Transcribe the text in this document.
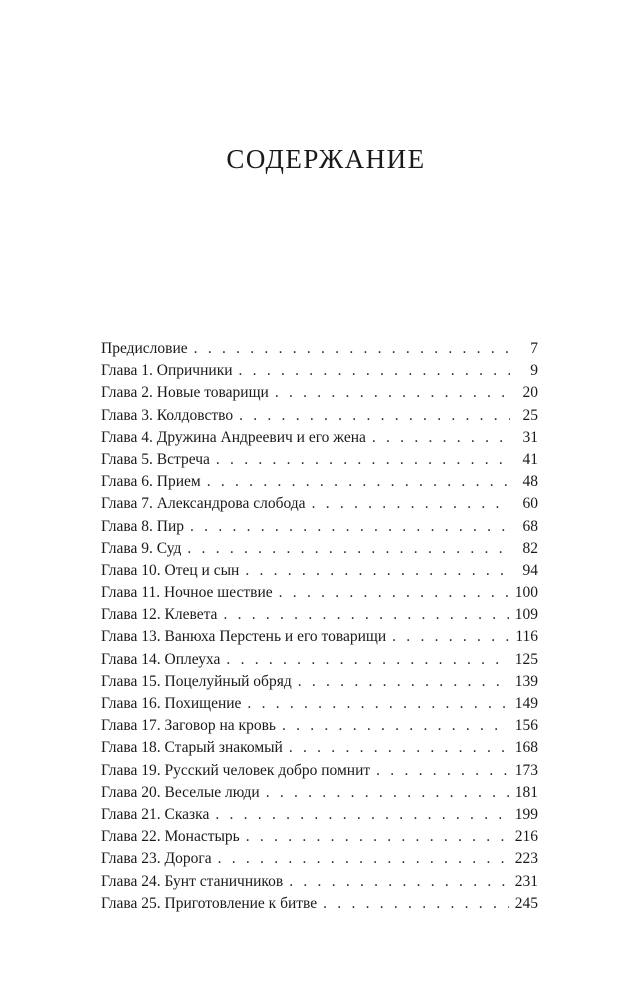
СОДЕРЖАНИЕ
Предисловие . . .	7
Глава 1. Опричники . . .	9
Глава 2. Новые товарищи . . .	20
Глава 3. Колдовство . . .	25
Глава 4. Дружина Андреевич и его жена . . .	31
Глава 5. Встреча . . .	41
Глава 6. Прием . . .	48
Глава 7. Александрова слобода . . .	60
Глава 8. Пир . . .	68
Глава 9. Суд . . .	82
Глава 10. Отец и сын . . .	94
Глава 11. Ночное шествие . . .	100
Глава 12. Клевета . . .	109
Глава 13. Ванюха Перстень и его товарищи . . .	116
Глава 14. Оплеуха . . .	125
Глава 15. Поцелуйный обряд . . .	139
Глава 16. Похищение . . .	149
Глава 17. Заговор на кровь . . .	156
Глава 18. Старый знакомый . . .	168
Глава 19. Русский человек добро помнит . . .	173
Глава 20. Веселые люди . . .	181
Глава 21. Сказка . . .	199
Глава 22. Монастырь . . .	216
Глава 23. Дорога . . .	223
Глава 24. Бунт станичников . . .	231
Глава 25. Приготовление к битве . . .	245
